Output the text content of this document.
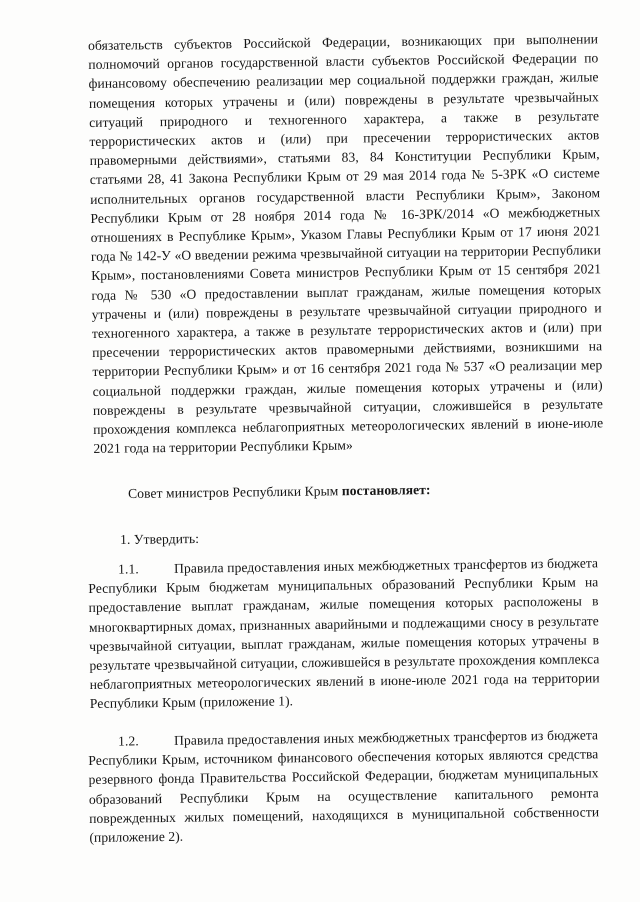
обязательств субъектов Российской Федерации, возникающих при выполнении полномочий органов государственной власти субъектов Российской Федерации по финансовому обеспечению реализации мер социальной поддержки граждан, жилые помещения которых утрачены и (или) повреждены в результате чрезвычайных ситуаций природного и техногенного характера, а также в результате террористических актов и (или) при пресечении террористических актов правомерными действиями», статьями 83, 84 Конституции Республики Крым, статьями 28, 41 Закона Республики Крым от 29 мая 2014 года № 5-ЗРК «О системе исполнительных органов государственной власти Республики Крым», Законом Республики Крым от 28 ноября 2014 года № 16-ЗРК/2014 «О межбюджетных отношениях в Республике Крым», Указом Главы Республики Крым от 17 июня 2021 года № 142-У «О введении режима чрезвычайной ситуации на территории Республики Крым», постановлениями Совета министров Республики Крым от 15 сентября 2021 года № 530 «О предоставлении выплат гражданам, жилые помещения которых утрачены и (или) повреждены в результате чрезвычайной ситуации природного и техногенного характера, а также в результате террористических актов и (или) при пресечении террористических актов правомерными действиями, возникшими на территории Республики Крым» и от 16 сентября 2021 года № 537 «О реализации мер социальной поддержки граждан, жилые помещения которых утрачены и (или) повреждены в результате чрезвычайной ситуации, сложившейся в результате прохождения комплекса неблагоприятных метеорологических явлений в июне-июле 2021 года на территории Республики Крым»

Совет министров Республики Крым постановляет:

1. Утвердить:

1.1.	Правила предоставления иных межбюджетных трансфертов из бюджета Республики Крым бюджетам муниципальных образований Республики Крым на предоставление выплат гражданам, жилые помещения которых расположены в многоквартирных домах, признанных аварийными и подлежащими сносу в результате чрезвычайной ситуации, выплат гражданам, жилые помещения которых утрачены в результате чрезвычайной ситуации, сложившейся в результате прохождения комплекса неблагоприятных метеорологических явлений в июне-июле 2021 года на территории Республики Крым (приложение 1).

1.2.	Правила предоставления иных межбюджетных трансфертов из бюджета Республики Крым, источником финансового обеспечения которых являются средства резервного фонда Правительства Российской Федерации, бюджетам муниципальных образований Республики Крым на осуществление капитального ремонта поврежденных жилых помещений, находящихся в муниципальной собственности (приложение 2).
